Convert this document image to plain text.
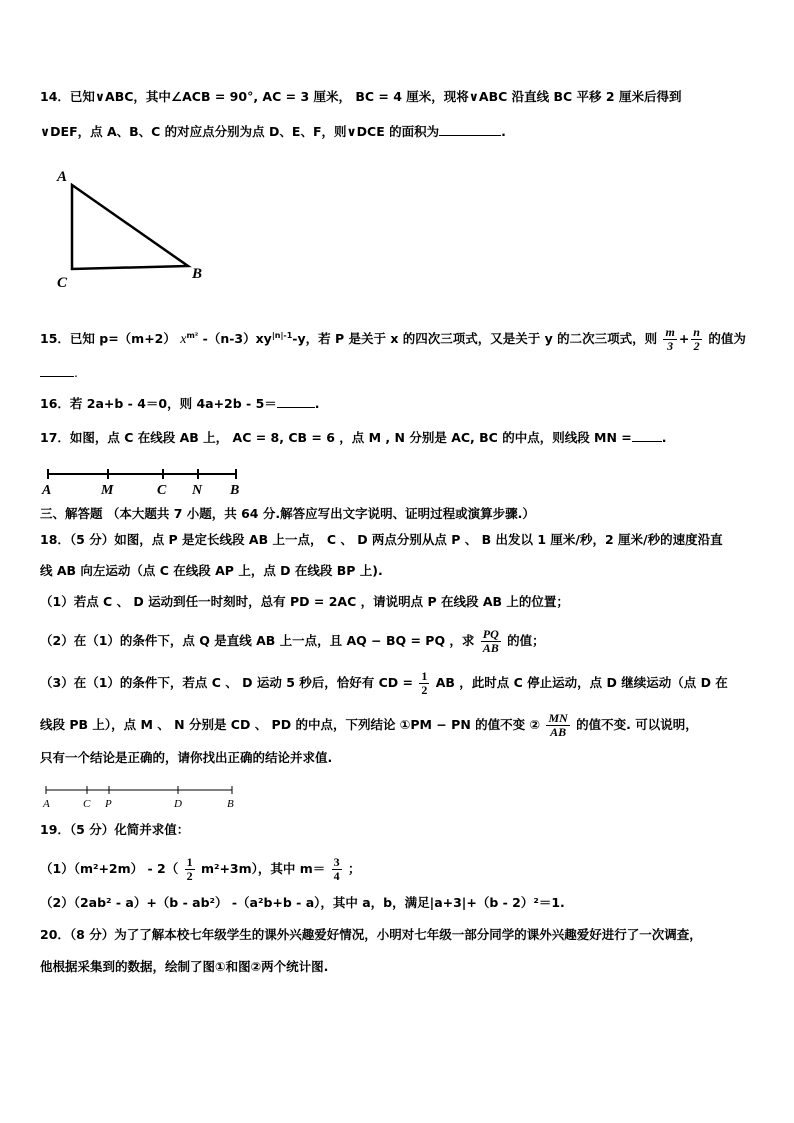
14．已知∨ABC，其中∠ACB = 90°, AC = 3 厘米， BC = 4 厘米，现将∨ABC 沿直线 BC 平移 2 厘米后得到
∨DEF，点 A、B、C 的对应点分别为点 D、E、F，则∨DCE 的面积为	.
A
C
B
15．已知 p=（m+2） $x^{m^2}$ $-(n-3)xy^{|n|-1}-y$，若 P 是关于 x 的四次三项式，又是关于 y 的二次三项式，则 $\frac{m}{3} + \frac{n}{2}$ 的值为
.
16．若 2a+b - 4＝0，则 4a+2b - 5＝	.
17．如图，点 C 在线段 AB 上， AC = 8, CB = 6 ，点 M , N 分别是 AC, BC 的中点，则线段 MN = .
A	M	C N B
三、解答题 （本大题共 7 小题，共 64 分.解答应写出文字说明、证明过程或演算步骤.）
18．（5 分）如图，点 P 是定长线段 AB 上一点， C 、 D 两点分别从点 P 、 B 出发以 1 厘米/秒，2 厘米/秒的速度沿直
线 AB 向左运动（点 C 在线段 AP 上，点 D 在线段 BP 上).
（1）若点 C 、 D 运动到任一时刻时，总有 PD = 2AC ，请说明点 P 在线段 AB 上的位置；
（2）在（1）的条件下，点 Q 是直线 AB 上一点，且 AQ − BQ = PQ ，求 $\frac{PQ}{AB}$ 的值；
（3）在（1）的条件下，若点 C 、 D 运动 5 秒后，恰好有 CD = $\frac{1}{2}$ AB ，此时点 C 停止运动，点 D 继续运动（点 D 在
线段 PB 上），点 M 、 N 分别是 CD 、 PD 的中点，下列结论 ①PM − PN 的值不变 ② $\frac{MN}{AB}$ 的值不变. 可以说明，
只有一个结论是正确的，请你找出正确的结论并求值.
A	C P	D	B
19．（5 分）化简并求值：
$(1)(m^2+2m) - 2( \frac{1}{2} m^2+3m)$，其中 $m= \frac{3}{4}$ ；
（2）（2ab² - a）+（b - ab²） -（a²b+b - a），其中 a，b，满足|a+3|+（b - 2）²＝1.
20．（8 分）为了了解本校七年级学生的课外兴趣爱好情况，小明对七年级一部分同学的课外兴趣爱好进行了一次调查，
他根据采集到的数据，绘制了图①和图②两个统计图.
